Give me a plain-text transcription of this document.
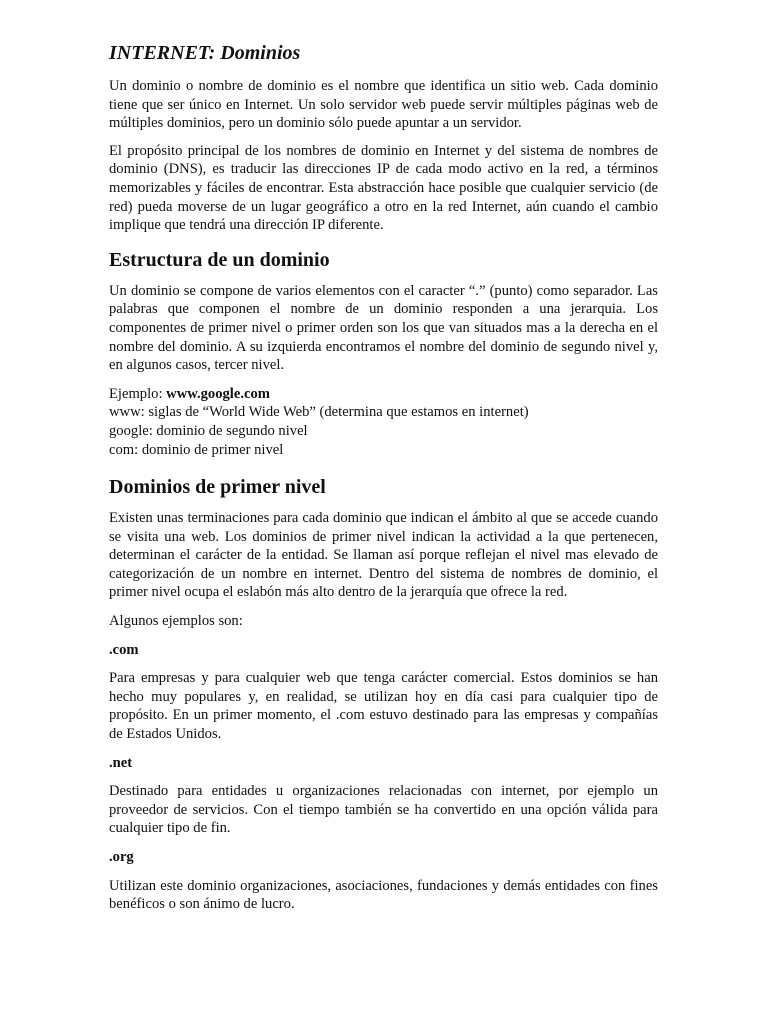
INTERNET: Dominios

Un dominio o nombre de dominio es el nombre que identifica un sitio web. Cada dominio tiene que ser único en Internet. Un solo servidor web puede servir múltiples páginas web de múltiples dominios, pero un dominio sólo puede apuntar a un servidor.

El propósito principal de los nombres de dominio en Internet y del sistema de nombres de dominio (DNS), es traducir las direcciones IP de cada modo activo en la red, a términos memorizables y fáciles de encontrar. Esta abstracción hace posible que cualquier servicio (de red) pueda moverse de un lugar geográfico a otro en la red Internet, aún cuando el cambio implique que tendrá una dirección IP diferente.

Estructura de un dominio

Un dominio se compone de varios elementos con el caracter “.” (punto) como separador. Las palabras que componen el nombre de un dominio responden a una jerarquia. Los componentes de primer nivel o primer orden son los que van situados mas a la derecha en el nombre del dominio. A su izquierda encontramos el nombre del dominio de segundo nivel y, en algunos casos, tercer nivel.

Ejemplo: www.google.com
www: siglas de “World Wide Web” (determina que estamos en internet)
google: dominio de segundo nivel
com: dominio de primer nivel
Dominios de primer nivel

Existen unas terminaciones para cada dominio que indican el ámbito al que se accede cuando se visita una web. Los dominios de primer nivel indican la actividad a la que pertenecen, determinan el carácter de la entidad. Se llaman así porque reflejan el nivel mas elevado de categorización de un nombre en internet. Dentro del sistema de nombres de dominio, el primer nivel ocupa el eslabón más alto dentro de la jerarquía que ofrece la red.

Algunos ejemplos son:

.com

Para empresas y para cualquier web que tenga carácter comercial. Estos dominios se han hecho muy populares y, en realidad, se utilizan hoy en día casi para cualquier tipo de propósito. En un primer momento, el .com estuvo destinado para las empresas y compañías de Estados Unidos.

.net

Destinado para entidades u organizaciones relacionadas con internet, por ejemplo un proveedor de servicios. Con el tiempo también se ha convertido en una opción válida para cualquier tipo de fin.

.org

Utilizan este dominio organizaciones, asociaciones, fundaciones y demás entidades con fines benéficos o son ánimo de lucro.
